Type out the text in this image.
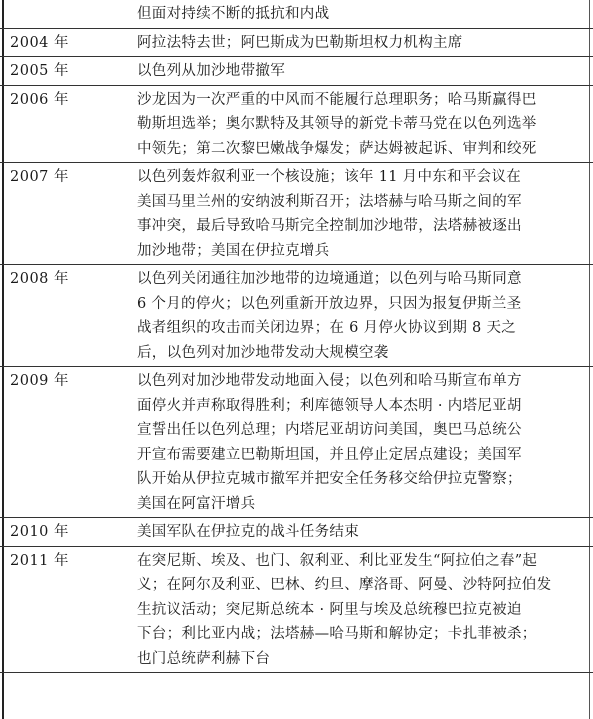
但面对持续不断的抵抗和内战
2004 年	阿拉法特去世；阿巴斯成为巴勒斯坦权力机构主席
2005 年	以色列从加沙地带撤军
2006 年	沙龙因为一次严重的中风而不能履行总理职务；哈马斯赢得巴
勒斯坦选举；奥尔默特及其领导的新党卡蒂马党在以色列选举
中领先；第二次黎巴嫩战争爆发；萨达姆被起诉、审判和绞死
2007 年	以色列轰炸叙利亚一个核设施；该年 11 月中东和平会议在
美国马里兰州的安纳波利斯召开；法塔赫与哈马斯之间的军
事冲突，最后导致哈马斯完全控制加沙地带，法塔赫被逐出
加沙地带；美国在伊拉克增兵
2008 年	以色列关闭通往加沙地带的边境通道；以色列与哈马斯同意
6 个月的停火；以色列重新开放边界，只因为报复伊斯兰圣
战者组织的攻击而关闭边界；在 6 月停火协议到期 8 天之
后，以色列对加沙地带发动大规模空袭
2009 年	以色列对加沙地带发动地面入侵；以色列和哈马斯宣布单方
面停火并声称取得胜利；利库德领导人本杰明 · 内塔尼亚胡
宣誓出任以色列总理；内塔尼亚胡访问美国，奥巴马总统公
开宣布需要建立巴勒斯坦国，并且停止定居点建设；美国军
队开始从伊拉克城市撤军并把安全任务移交给伊拉克警察；
美国在阿富汗增兵
2010 年	美国军队在伊拉克的战斗任务结束
2011 年	在突尼斯、埃及、也门、叙利亚、利比亚发生“阿拉伯之春”起
义；在阿尔及利亚、巴林、约旦、摩洛哥、阿曼、沙特阿拉伯发
生抗议活动；突尼斯总统本 · 阿里与埃及总统穆巴拉克被迫
下台；利比亚内战；法塔赫—哈马斯和解协定；卡扎菲被杀；
也门总统萨利赫下台
